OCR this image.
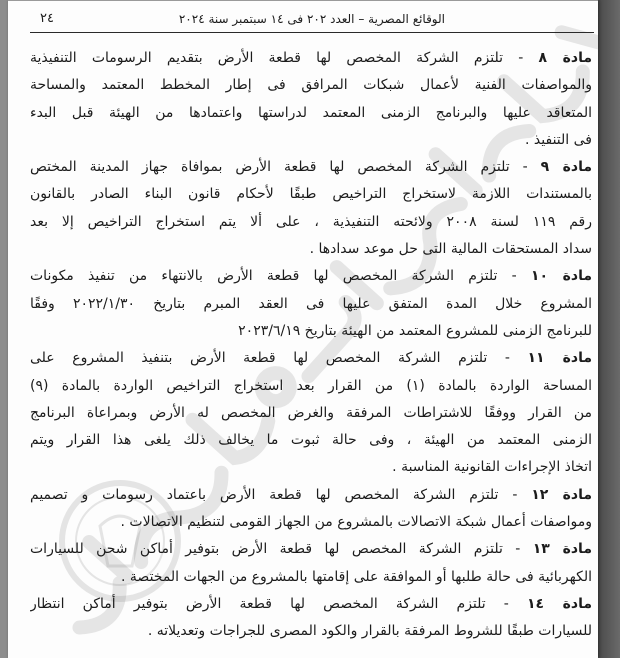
٢٤	الوقائع المصرية – العدد ٢٠٢ فى ١٤ سبتمبر سنة ٢٠٢٤
مادة ٨ - تلتزم الشركة المخصص لها قطعة الأرض بتقديم الرسومات التنفيذية
والمواصفات الفنية لأعمال شبكات المرافق فى إطار المخطط المعتمد والمساحة
المتعاقد عليها والبرنامج الزمنى المعتمد لدراستها واعتمادها من الهيئة قبل البدء
فى التنفيذ .
مادة ٩ - تلتزم الشركة المخصص لها قطعة الأرض بموافاة جهاز المدينة المختص
بالمستندات اللازمة لاستخراج التراخيص طبقًا لأحكام قانون البناء الصادر بالقانون
رقم ١١٩ لسنة ٢٠٠٨ ولائحته التنفيذية ، على ألا يتم استخراج التراخيص إلا بعد
سداد المستحقات المالية التى حل موعد سدادها .
مادة ١٠ - تلتزم الشركة المخصص لها قطعة الأرض بالانتهاء من تنفيذ مكونات
المشروع خلال المدة المتفق عليها فى العقد المبرم بتاريخ ٢٠٢٢/١/٣٠ وفقًا
للبرنامج الزمنى للمشروع المعتمد من الهيئة بتاريخ ٢٠٢٣/٦/١٩
مادة ١١ - تلتزم الشركة المخصص لها قطعة الأرض بتنفيذ المشروع على
المساحة الواردة بالمادة (١) من القرار بعد استخراج التراخيص الواردة بالمادة (٩)
من القرار ووفقًا للاشتراطات المرفقة والغرض المخصص له الأرض وبمراعاة البرنامج
الزمنى المعتمد من الهيئة ، وفى حالة ثبوت ما يخالف ذلك يلغى هذا القرار ويتم
اتخاذ الإجراءات القانونية المناسبة .
مادة ١٢ - تلتزم الشركة المخصص لها قطعة الأرض باعتماد رسومات و تصميم
ومواصفات أعمال شبكة الاتصالات بالمشروع من الجهاز القومى لتنظيم الاتصالات .
مادة ١٣ - تلتزم الشركة المخصص لها قطعة الأرض بتوفير أماكن شحن للسيارات
الكهربائية فى حالة طلبها أو الموافقة على إقامتها بالمشروع من الجهات المختصة .
مادة ١٤ - تلتزم الشركة المخصص لها قطعة الأرض بتوفير أماكن انتظار
للسيارات طبقًا للشروط المرفقة بالقرار والكود المصرى للجراجات وتعديلاته .
